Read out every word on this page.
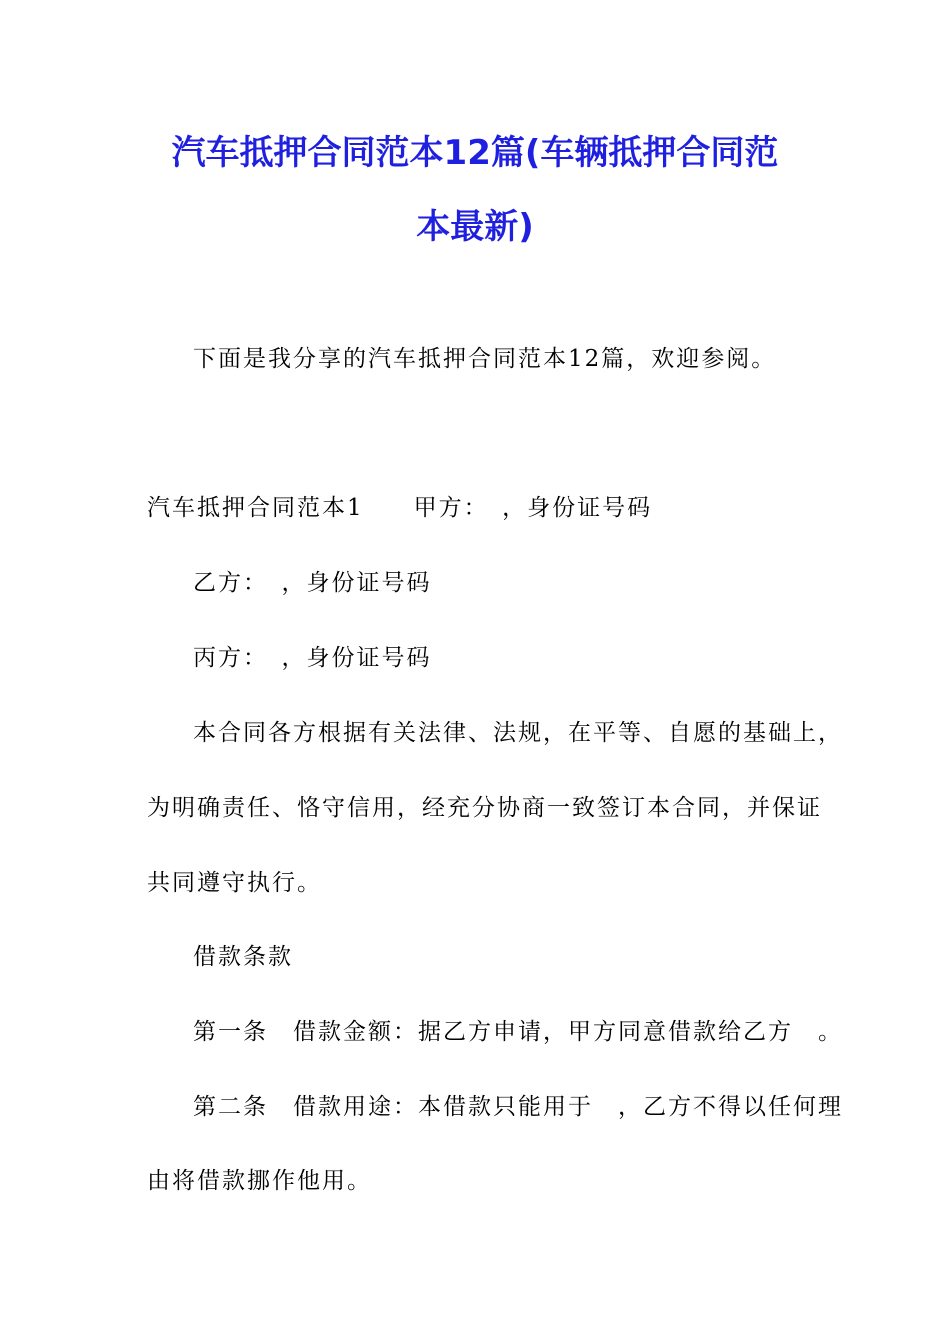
汽车抵押合同范本12篇(车辆抵押合同范
本最新)
下面是我分享的汽车抵押合同范本12篇，欢迎参阅。
汽车抵押合同范本1　　甲方：　，身份证号码
乙方：　，身份证号码
丙方：　，身份证号码
本合同各方根据有关法律、法规，在平等、自愿的基础上，
为明确责任、恪守信用，经充分协商一致签订本合同，并保证
共同遵守执行。
借款条款
第一条　借款金额：据乙方申请，甲方同意借款给乙方　。
第二条　借款用途：本借款只能用于　，乙方不得以任何理
由将借款挪作他用。
